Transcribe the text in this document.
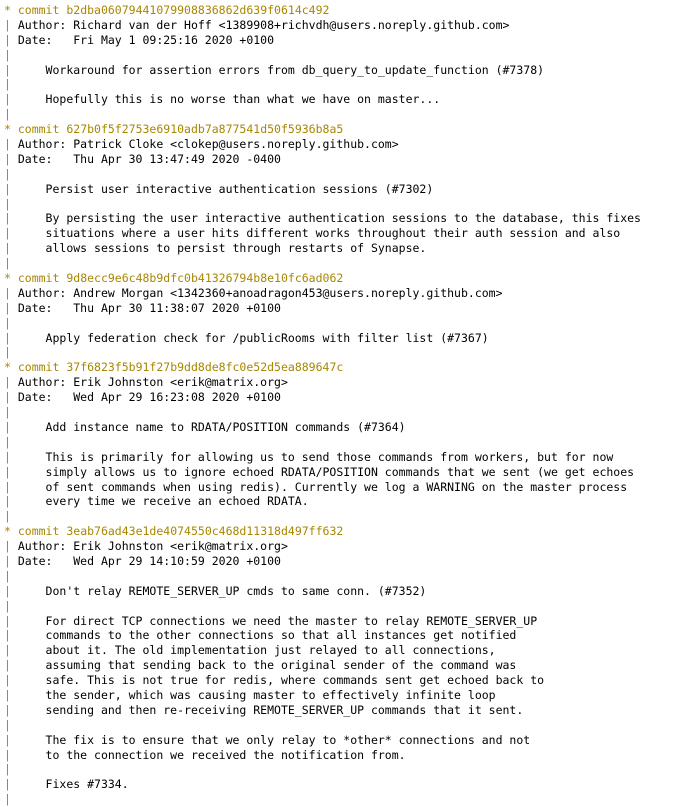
* commit b2dba06079441079908836862d639f0614c492
| Author: Richard van der Hoff <1389908+richvdh@users.noreply.github.com>
| Date:   Fri May 1 09:25:16 2020 +0100
|
|     Workaround for assertion errors from db_query_to_update_function (#7378)
|
|     Hopefully this is no worse than what we have on master...
|
* commit 627b0f5f2753e6910adb7a877541d50f5936b8a5
| Author: Patrick Cloke <clokep@users.noreply.github.com>
| Date:   Thu Apr 30 13:47:49 2020 -0400
|
|     Persist user interactive authentication sessions (#7302)
|
|     By persisting the user interactive authentication sessions to the database, this fixes
|     situations where a user hits different works throughout their auth session and also
|     allows sessions to persist through restarts of Synapse.
|
* commit 9d8ecc9e6c48b9dfc0b41326794b8e10fc6ad062
| Author: Andrew Morgan <1342360+anoadragon453@users.noreply.github.com>
| Date:   Thu Apr 30 11:38:07 2020 +0100
|
|     Apply federation check for /publicRooms with filter list (#7367)
|
* commit 37f6823f5b91f27b9dd8de8fc0e52d5ea889647c
| Author: Erik Johnston <erik@matrix.org>
| Date:   Wed Apr 29 16:23:08 2020 +0100
|
|     Add instance name to RDATA/POSITION commands (#7364)
|
|     This is primarily for allowing us to send those commands from workers, but for now
|     simply allows us to ignore echoed RDATA/POSITION commands that we sent (we get echoes
|     of sent commands when using redis). Currently we log a WARNING on the master process
|     every time we receive an echoed RDATA.
|
* commit 3eab76ad43e1de4074550c468d11318d497ff632
| Author: Erik Johnston <erik@matrix.org>
| Date:   Wed Apr 29 14:10:59 2020 +0100
|
|     Don't relay REMOTE_SERVER_UP cmds to same conn. (#7352)
|
|     For direct TCP connections we need the master to relay REMOTE_SERVER_UP
|     commands to the other connections so that all instances get notified
|     about it. The old implementation just relayed to all connections,
|     assuming that sending back to the original sender of the command was
|     safe. This is not true for redis, where commands sent get echoed back to
|     the sender, which was causing master to effectively infinite loop
|     sending and then re-receiving REMOTE_SERVER_UP commands that it sent.
|
|     The fix is to ensure that we only relay to *other* connections and not
|     to the connection we received the notification from.
|
|     Fixes #7334.
|
